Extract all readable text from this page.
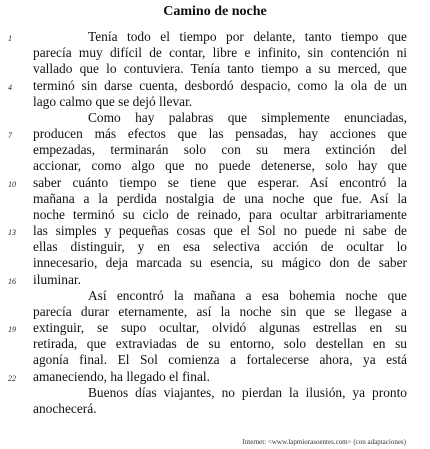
Camino de noche
Tenía todo el tiempo por delante, tanto tiempo que
parecía muy difícil de contar, libre e infinito, sin contención ni
vallado que lo contuviera. Tenía tanto tiempo a su merced, que
terminó sin darse cuenta, desbordó despacio, como la ola de un
lago calmo que se dejó llevar.
Como hay palabras que simplemente enunciadas,
producen más efectos que las pensadas, hay acciones que
empezadas, terminarán solo con su mera extinción del
accionar, como algo que no puede detenerse, solo hay que
saber cuánto tiempo se tiene que esperar. Así encontró la
mañana a la perdida nostalgia de una noche que fue. Así la
noche terminó su ciclo de reinado, para ocultar arbitrariamente
las simples y pequeñas cosas que el Sol no puede ni sabe de
ellas distinguir, y en esa selectiva acción de ocultar lo
innecesario, deja marcada su esencia, su mágico don de saber
iluminar.
Así encontró la mañana a esa bohemia noche que
parecía durar eternamente, así la noche sin que se llegase a
extinguir, se supo ocultar, olvidó algunas estrellas en su
retirada, que extraviadas de su entorno, solo destellan en su
agonía final. El Sol comienza a fortalecerse ahora, ya está
amaneciendo, ha llegado el final.
Buenos días viajantes, no pierdan la ilusión, ya pronto
anochecerá.
1
4
7
10
13
16
19
22
Internet: <www.lapmiorasoentes.com> (con adaptaciones)
